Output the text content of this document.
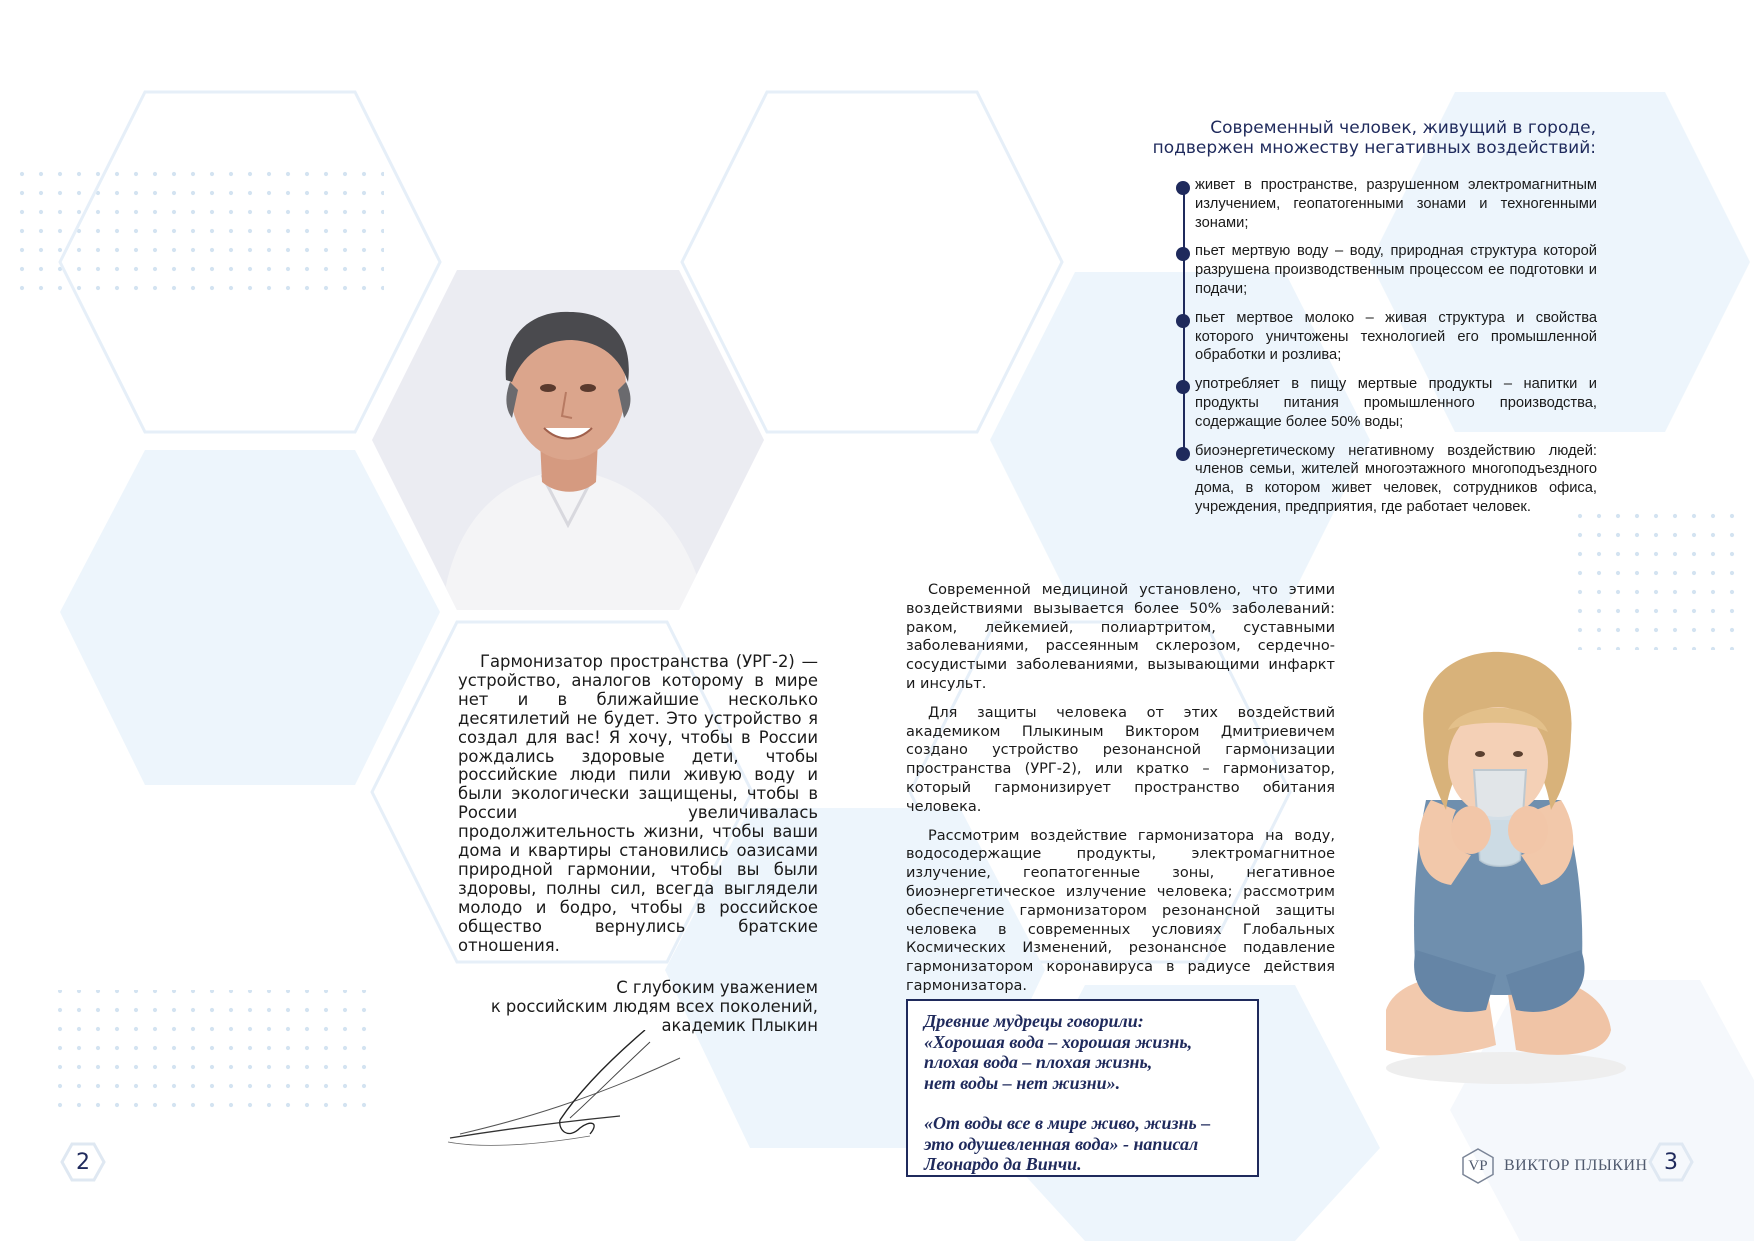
2	3

Гармонизатор пространства (УРГ-2) — устройство, аналогов которому в мире нет и в ближайшие несколько десятилетий не будет. Это устройство я создал для вас! Я хочу, чтобы в России рождались здоровые дети, чтобы российские люди пили живую воду и были экологически защищены, чтобы в России увеличивалась продолжительность жизни, чтобы ваши дома и квартиры становились оазисами природной гармонии, чтобы вы были здоровы, полны сил, всегда выглядели молодо и бодро, чтобы в российское общество вернулись братские отношения.

С глубоким уважением
к российским людям всех поколений,
академик Плыкин
Современный человек, живущий в городе,
подвержен множеству негативных воздействий:
живет в пространстве, разрушенном электромагнитным излучением, геопатогенными зонами и техногенными зонами;
пьет мертвую воду – воду, природная структура которой разрушена производственным процессом ее подготовки и подачи;
пьет мертвое молоко – живая структура и свойства которого уничтожены технологией его промышленной обработки и розлива;
употребляет в пищу мертвые продукты – напитки и продукты питания промышленного производства, содержащие более 50% воды;
биоэнергетическому негативному воздействию людей: членов семьи, жителей многоэтажного многоподъездного дома, в котором живет человек, сотрудников офиса, учреждения, предприятия, где работает человек.

Современной медициной установлено, что этими воздействиями вызывается более 50% заболеваний: раком, лейкемией, полиартритом, суставными заболеваниями, рассеянным склерозом, сердечно-сосудистыми заболеваниями, вызывающими инфаркт и инсульт.

Для защиты человека от этих воздействий академиком Плыкиным Виктором Дмитриевичем создано устройство резонансной гармонизации пространства (УРГ-2), или кратко – гармонизатор, который гармонизирует пространство обитания человека.

Рассмотрим воздействие гармонизатора на воду, водосодержащие продукты, электромагнитное излучение, геопатогенные зоны, негативное биоэнергетическое излучение человека; рассмотрим обеспечение гармонизатором резонансной защиты человека в современных условиях Глобальных Космических Изменений, резонансное подавление гармонизатором коронавируса в радиусе действия гармонизатора.

Древние мудрецы говорили:
«Хорошая вода – хорошая жизнь,
плохая вода – плохая жизнь,
нет воды – нет жизни».

«От воды все в мире живо, жизнь –
это одушевленная вода» - написал
Леонардо да Винчи.	VP ВИКТОР ПЛЫКИН
